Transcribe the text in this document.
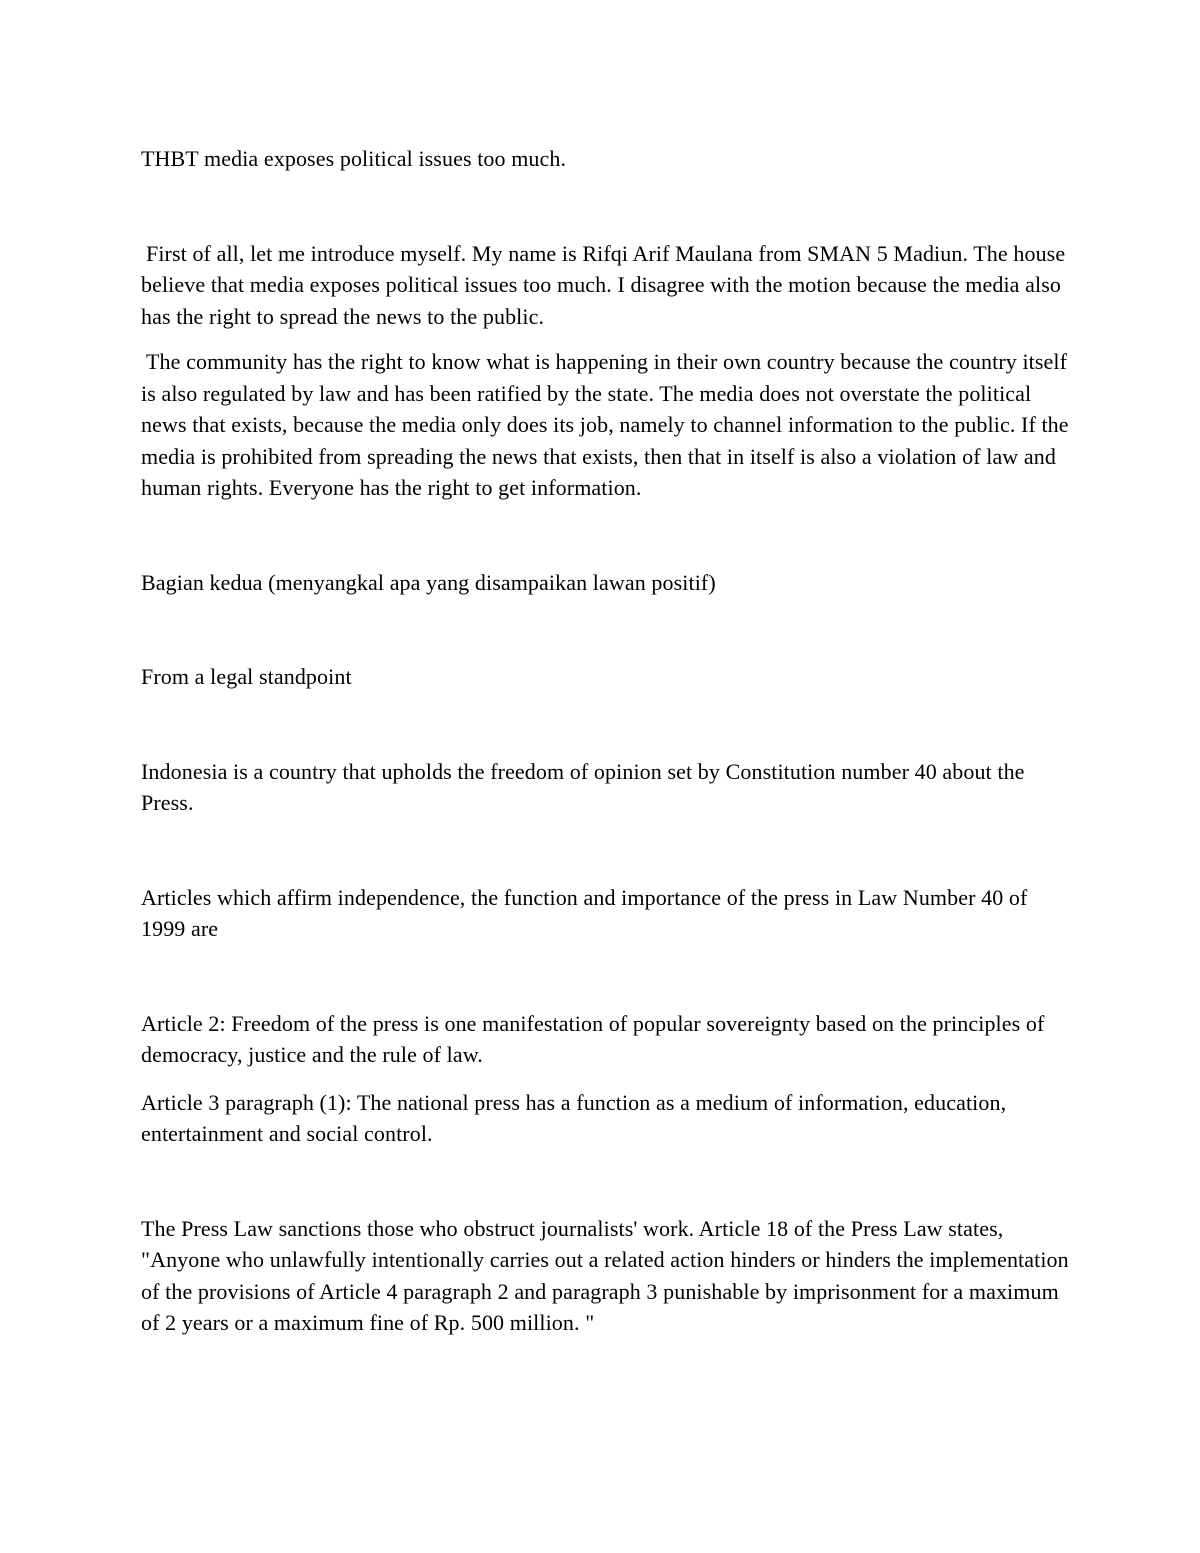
THBT media exposes political issues too much.

First of all, let me introduce myself. My name is Rifqi Arif Maulana from SMAN 5 Madiun. The house believe that media exposes political issues too much. I disagree with the motion because the media also has the right to spread the news to the public.

The community has the right to know what is happening in their own country because the country itself is also regulated by law and has been ratified by the state. The media does not overstate the political news that exists, because the media only does its job, namely to channel information to the public. If the media is prohibited from spreading the news that exists, then that in itself is also a violation of law and human rights. Everyone has the right to get information.

Bagian kedua (menyangkal apa yang disampaikan lawan positif)

From a legal standpoint

Indonesia is a country that upholds the freedom of opinion set by Constitution number 40 about the Press.

Articles which affirm independence, the function and importance of the press in Law Number 40 of 1999 are

Article 2: Freedom of the press is one manifestation of popular sovereignty based on the principles of democracy, justice and the rule of law.

Article 3 paragraph (1): The national press has a function as a medium of information, education, entertainment and social control.

The Press Law sanctions those who obstruct journalists' work. Article 18 of the Press Law states, "Anyone who unlawfully intentionally carries out a related action hinders or hinders the implementation of the provisions of Article 4 paragraph 2 and paragraph 3 punishable by imprisonment for a maximum of 2 years or a maximum fine of Rp. 500 million. "
